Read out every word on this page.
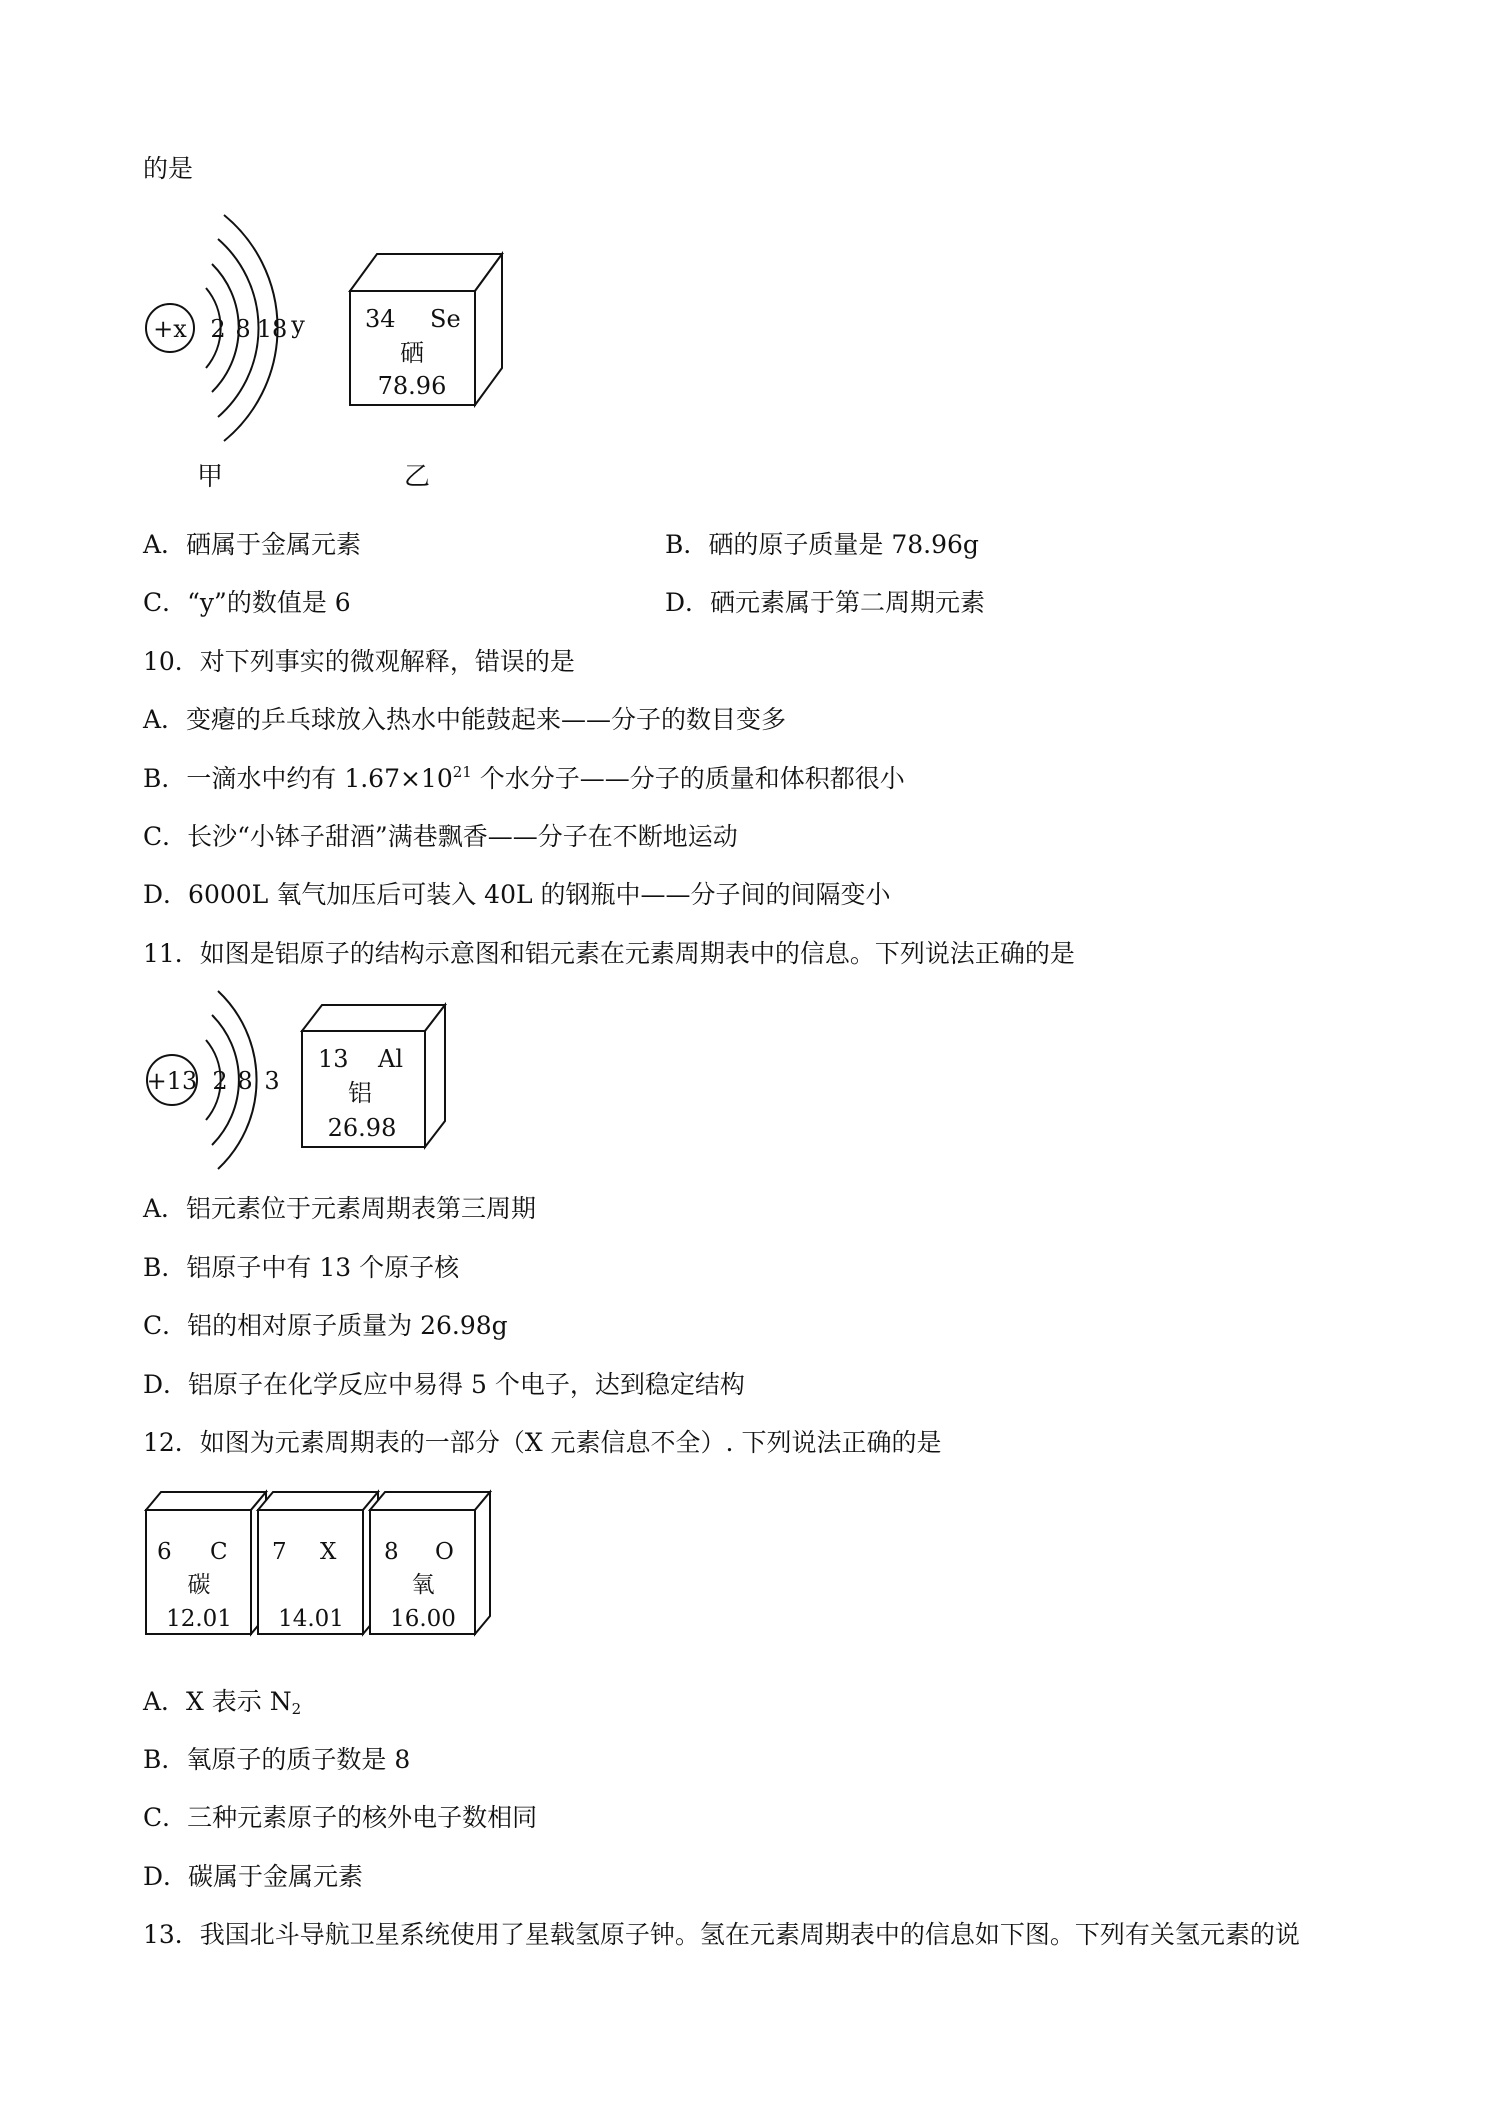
的是
+x 2 8 18 y	34 Se
硒
78.96
甲	乙
A．硒属于金属元素	B．硒的原子质量是 78.96g
C．“y”的数值是 6	D．硒元素属于第二周期元素
10．对下列事实的微观解释，错误的是
A．变瘪的乒乓球放入热水中能鼓起来——分子的数目变多
B．一滴水中约有 $1.67\times 10^{21}$ 个水分子——分子的质量和体积都很小
C．长沙“小钵子甜酒”满巷飘香——分子在不断地运动
D．6000L 氧气加压后可装入 40L 的钢瓶中——分子间的间隔变小
11．如图是铝原子的结构示意图和铝元素在元素周期表中的信息。下列说法正确的是
+13 2 8 3
13 Al
铝
26.98
A．铝元素位于元素周期表第三周期
B．铝原子中有 13 个原子核
C．铝的相对原子质量为 26.98g
D．铝原子在化学反应中易得 5 个电子，达到稳定结构
12．如图为元素周期表的一部分（X 元素信息不全）. 下列说法正确的是
6 C
碳
12.01
7 X
14.01
8 O
氧
16.00
A．X 表示 $N_2$
B．氧原子的质子数是 8
C．三种元素原子的核外电子数相同
D．碳属于金属元素
13．我国北斗导航卫星系统使用了星载氢原子钟。氢在元素周期表中的信息如下图。下列有关氢元素的说
